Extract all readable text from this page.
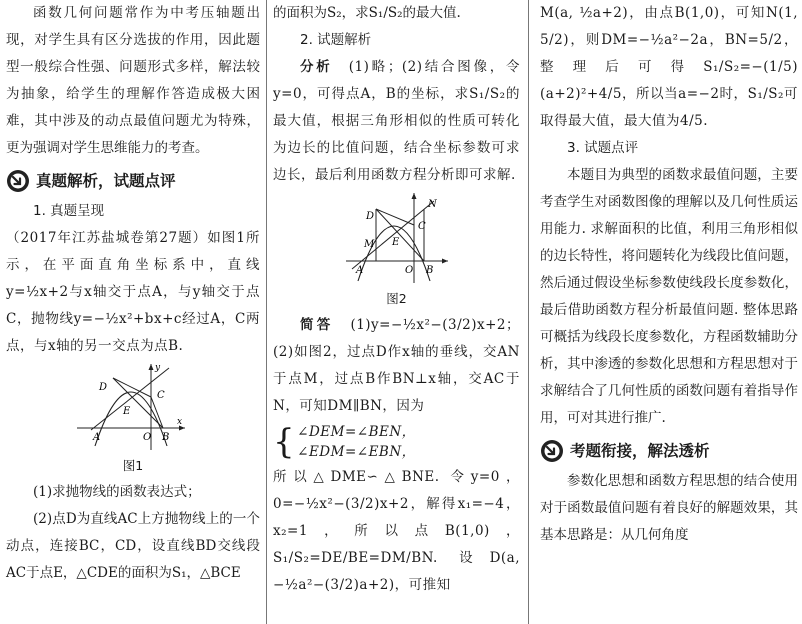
函数几何问题常作为中考压轴题出现，对学生具有区分选拔的作用，因此题型一般综合性强、问题形式多样，解法较为抽象，给学生的理解作答造成极大困难，其中涉及的动点最值问题尤为特殊，更为强调对学生思维能力的考查。

真题解析，试题点评

1. 真题呈现

（2017年江苏盐城卷第27题）如图1所示，在平面直角坐标系中，直线y=½x+2与x轴交于点A，与y轴交于点C，抛物线y=−½x²+bx+c经过A，C两点，与x轴的另一交点为点B.

D
C
E
A	O B
x
y

图1

(1)求抛物线的函数表达式；

(2)点D为直线AC上方抛物线上的一个动点，连接BC，CD，设直线BD交线段AC于点E，△CDE的面积为S₁，△BCE

的面积为S₂，求S₁/S₂的最大值.

2. 试题解析

分析　 (1)略；(2)结合图像，令y=0，可得点A，B的坐标，求S₁/S₂的最大值，根据三角形相似的性质可转化为边长的比值问题，结合坐标参数可求边长，最后利用函数方程分析即可求解.

D
N
M E
C
A	O B

图2

简答　 (1)y=−½x²−(3/2)x+2；(2)如图2，过点D作x轴的垂线，交AN于点M，过点B作BN⊥x轴，交AC于N，可知DM∥BN，因为

{ ∠DEM=∠BEN，
∠EDM=∠EBN，

所以△DME∽△BNE. 令y=0，0=−½x²−(3/2)x+2，解得x₁=−4，x₂=1，所以点B(1,0)，S₁/S₂=DE/BE=DM/BN. 设D(a,−½a²−(3/2)a+2)，可推知

M(a, ½a+2)，由点B(1,0)，可知N(1, 5/2)，则DM=−½a²−2a，BN=5/2，整理后可得S₁/S₂=−(1/5)(a+2)²+4/5，所以当a=−2时，S₁/S₂可取得最大值，最大值为4/5.

3. 试题点评

本题目为典型的函数求最值问题，主要考查学生对函数图像的理解以及几何性质运用能力. 求解面积的比值，利用三角形相似的边长特性，将问题转化为线段比值问题，然后通过假设坐标参数使线段长度参数化，最后借助函数方程分析最值问题. 整体思路可概括为线段长度参数化，方程函数辅助分析，其中渗透的参数化思想和方程思想对于求解结合了几何性质的函数问题有着指导作用，可对其进行推广.

考题衔接，解法透析

参数化思想和函数方程思想的结合使用对于函数最值问题有着良好的解题效果，其基本思路是：从几何角度
